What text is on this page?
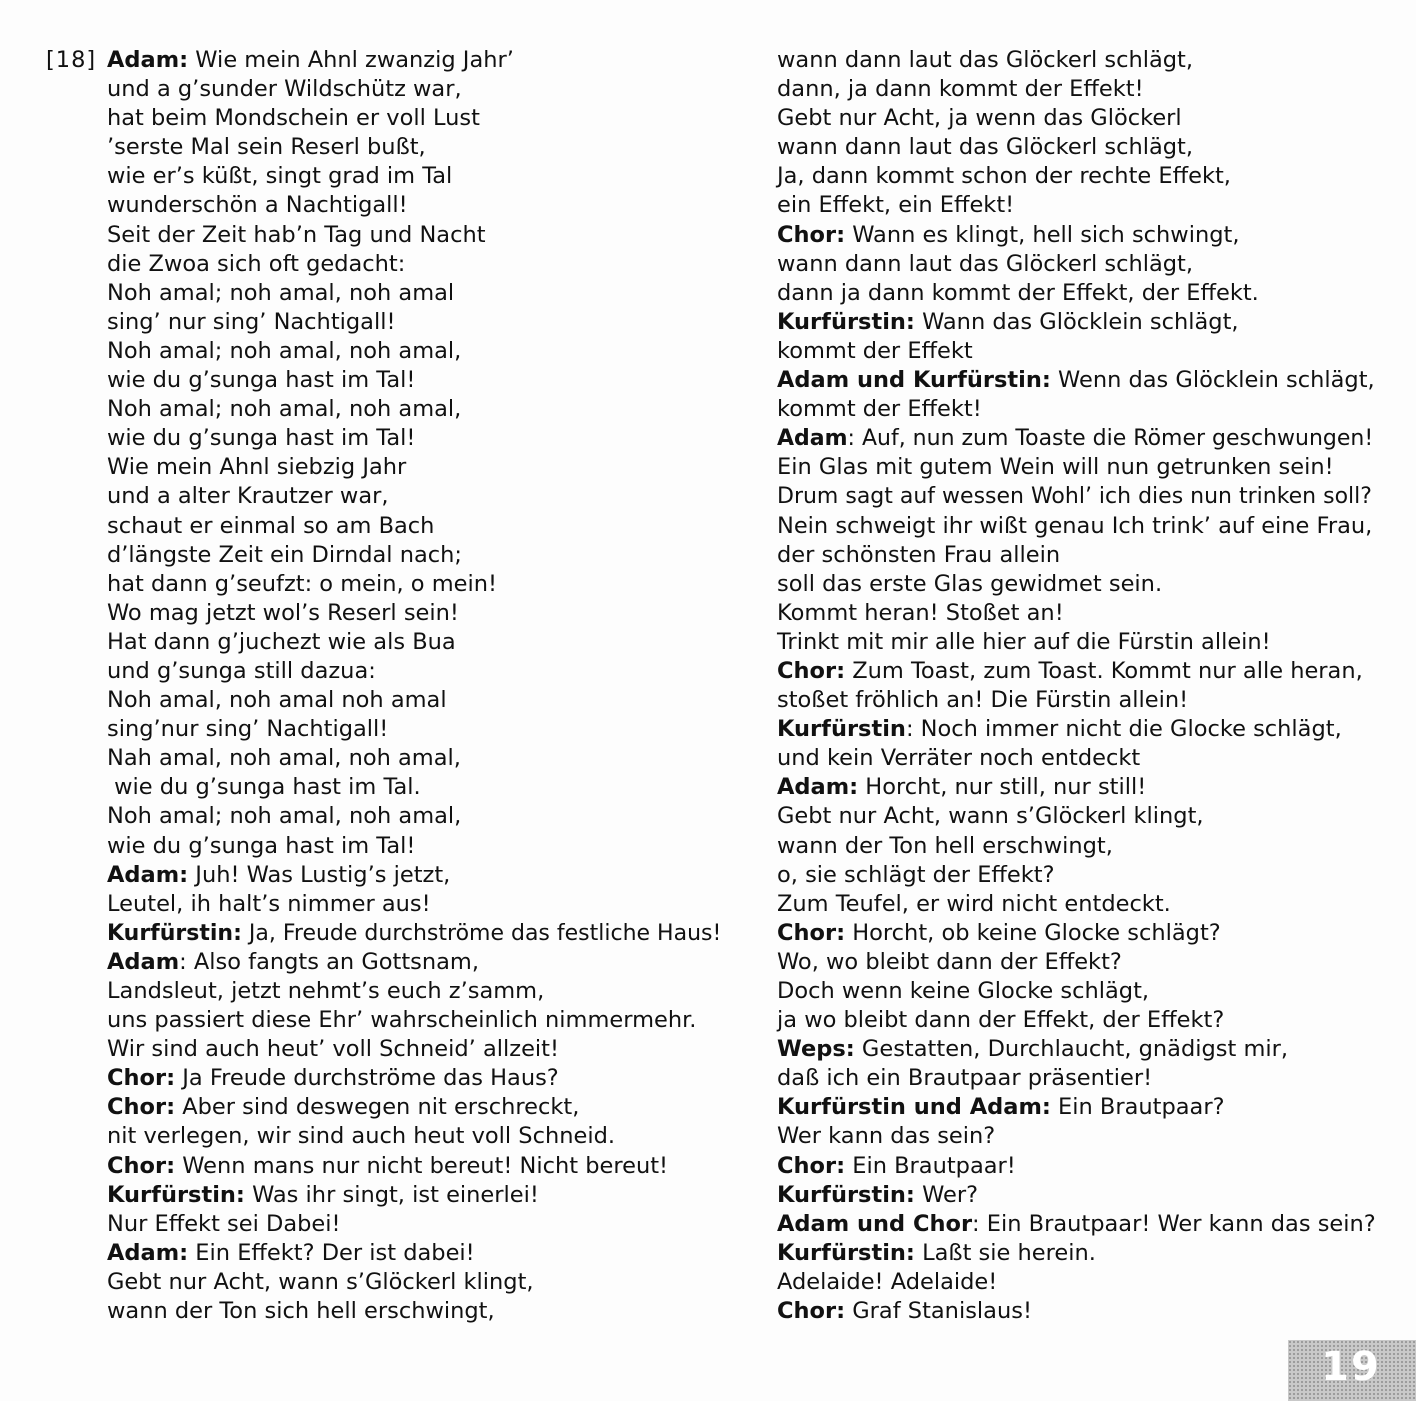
[18] Adam: Wie mein Ahnl zwanzig Jahr’
und a g’sunder Wildschütz war,
hat beim Mondschein er voll Lust
’serste Mal sein Reserl bußt,
wie er’s küßt, singt grad im Tal
wunderschön a Nachtigall!
Seit der Zeit hab’n Tag und Nacht
die Zwoa sich oft gedacht:
Noh amal; noh amal, noh amal
sing’ nur sing’ Nachtigall!
Noh amal; noh amal, noh amal,
wie du g’sunga hast im Tal!
Noh amal; noh amal, noh amal,
wie du g’sunga hast im Tal!
Wie mein Ahnl siebzig Jahr
und a alter Krautzer war,
schaut er einmal so am Bach
d’längste Zeit ein Dirndal nach;
hat dann g’seufzt: o mein, o mein!
Wo mag jetzt wol’s Reserl sein!
Hat dann g’juchezt wie als Bua
und g’sunga still dazua:
Noh amal, noh amal noh amal
sing’nur sing’ Nachtigall!
Nah amal, noh amal, noh amal,
wie du g’sunga hast im Tal.
Noh amal; noh amal, noh amal,
wie du g’sunga hast im Tal!
Adam: Juh! Was Lustig’s jetzt,
Leutel, ih halt’s nimmer aus!
Kurfürstin: Ja, Freude durchströme das festliche Haus!
Adam: Also fangts an Gottsnam,
Landsleut, jetzt nehmt’s euch z’samm,
uns passiert diese Ehr’ wahrscheinlich nimmermehr.
Wir sind auch heut’ voll Schneid’ allzeit!
Chor: Ja Freude durchströme das Haus?
Chor: Aber sind deswegen nit erschreckt,
nit verlegen, wir sind auch heut voll Schneid.
Chor: Wenn mans nur nicht bereut! Nicht bereut!
Kurfürstin: Was ihr singt, ist einerlei!
Nur Effekt sei Dabei!
Adam: Ein Effekt? Der ist dabei!
Gebt nur Acht, wann s’Glöckerl klingt,
wann der Ton sich hell erschwingt,
wann dann laut das Glöckerl schlägt,
dann, ja dann kommt der Effekt!
Gebt nur Acht, ja wenn das Glöckerl
wann dann laut das Glöckerl schlägt,
Ja, dann kommt schon der rechte Effekt,
ein Effekt, ein Effekt!
Chor: Wann es klingt, hell sich schwingt,
wann dann laut das Glöckerl schlägt,
dann ja dann kommt der Effekt, der Effekt.
Kurfürstin: Wann das Glöcklein schlägt,
kommt der Effekt
Adam und Kurfürstin: Wenn das Glöcklein schlägt,
kommt der Effekt!
Adam: Auf, nun zum Toaste die Römer geschwungen!
Ein Glas mit gutem Wein will nun getrunken sein!
Drum sagt auf wessen Wohl’ ich dies nun trinken soll?
Nein schweigt ihr wißt genau Ich trink’ auf eine Frau,
der schönsten Frau allein
soll das erste Glas gewidmet sein.
Kommt heran! Stoßet an!
Trinkt mit mir alle hier auf die Fürstin allein!
Chor: Zum Toast, zum Toast. Kommt nur alle heran,
stoßet fröhlich an! Die Fürstin allein!
Kurfürstin: Noch immer nicht die Glocke schlägt,
und kein Verräter noch entdeckt
Adam: Horcht, nur still, nur still!
Gebt nur Acht, wann s’Glöckerl klingt,
wann der Ton hell erschwingt,
o, sie schlägt der Effekt?
Zum Teufel, er wird nicht entdeckt.
Chor: Horcht, ob keine Glocke schlägt?
Wo, wo bleibt dann der Effekt?
Doch wenn keine Glocke schlägt,
ja wo bleibt dann der Effekt, der Effekt?
Weps: Gestatten, Durchlaucht, gnädigst mir,
daß ich ein Brautpaar präsentier!
Kurfürstin und Adam: Ein Brautpaar?
Wer kann das sein?
Chor: Ein Brautpaar!
Kurfürstin: Wer?
Adam und Chor: Ein Brautpaar! Wer kann das sein?
Kurfürstin: Laßt sie herein.
Adelaide! Adelaide!
Chor: Graf Stanislaus!
19
